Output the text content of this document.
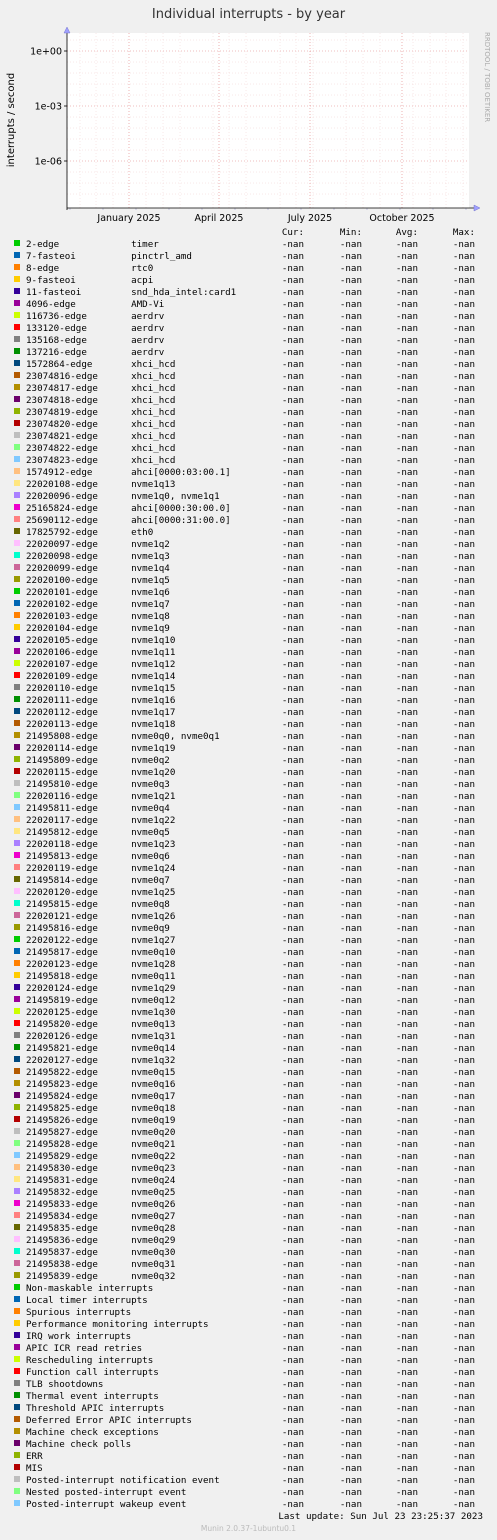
Individual interrupts - by year
RRDTOOL / TOBI OETIKER
interrupts / second
1e+00
1e-03
1e-06
January 2025	April 2025	July 2025	October 2025
Cur:	Min:	Avg:	Max:
2-edge             timer	-nan	-nan	-nan	-nan
7-fasteoi          pinctrl_amd	-nan	-nan	-nan	-nan
8-edge             rtc0	-nan	-nan	-nan	-nan
9-fasteoi          acpi	-nan	-nan	-nan	-nan
11-fasteoi         snd_hda_intel:card1	-nan	-nan	-nan	-nan
4096-edge          AMD-Vi	-nan	-nan	-nan	-nan
116736-edge        aerdrv	-nan	-nan	-nan	-nan
133120-edge        aerdrv	-nan	-nan	-nan	-nan
135168-edge        aerdrv	-nan	-nan	-nan	-nan
137216-edge        aerdrv	-nan	-nan	-nan	-nan
1572864-edge       xhci_hcd	-nan	-nan	-nan	-nan
23074816-edge      xhci_hcd	-nan	-nan	-nan	-nan
23074817-edge      xhci_hcd	-nan	-nan	-nan	-nan
23074818-edge      xhci_hcd	-nan	-nan	-nan	-nan
23074819-edge      xhci_hcd	-nan	-nan	-nan	-nan
23074820-edge      xhci_hcd	-nan	-nan	-nan	-nan
23074821-edge      xhci_hcd	-nan	-nan	-nan	-nan
23074822-edge      xhci_hcd	-nan	-nan	-nan	-nan
23074823-edge      xhci_hcd	-nan	-nan	-nan	-nan
1574912-edge       ahci[0000:03:00.1]	-nan	-nan	-nan	-nan
22020108-edge      nvme1q13	-nan	-nan	-nan	-nan
22020096-edge      nvme1q0, nvme1q1	-nan	-nan	-nan	-nan
25165824-edge      ahci[0000:30:00.0]	-nan	-nan	-nan	-nan
25690112-edge      ahci[0000:31:00.0]	-nan	-nan	-nan	-nan
17825792-edge      eth0	-nan	-nan	-nan	-nan
22020097-edge      nvme1q2	-nan	-nan	-nan	-nan
22020098-edge      nvme1q3	-nan	-nan	-nan	-nan
22020099-edge      nvme1q4	-nan	-nan	-nan	-nan
22020100-edge      nvme1q5	-nan	-nan	-nan	-nan
22020101-edge      nvme1q6	-nan	-nan	-nan	-nan
22020102-edge      nvme1q7	-nan	-nan	-nan	-nan
22020103-edge      nvme1q8	-nan	-nan	-nan	-nan
22020104-edge      nvme1q9	-nan	-nan	-nan	-nan
22020105-edge      nvme1q10	-nan	-nan	-nan	-nan
22020106-edge      nvme1q11	-nan	-nan	-nan	-nan
22020107-edge      nvme1q12	-nan	-nan	-nan	-nan
22020109-edge      nvme1q14	-nan	-nan	-nan	-nan
22020110-edge      nvme1q15	-nan	-nan	-nan	-nan
22020111-edge      nvme1q16	-nan	-nan	-nan	-nan
22020112-edge      nvme1q17	-nan	-nan	-nan	-nan
22020113-edge      nvme1q18	-nan	-nan	-nan	-nan
21495808-edge      nvme0q0, nvme0q1	-nan	-nan	-nan	-nan
22020114-edge      nvme1q19	-nan	-nan	-nan	-nan
21495809-edge      nvme0q2	-nan	-nan	-nan	-nan
22020115-edge      nvme1q20	-nan	-nan	-nan	-nan
21495810-edge      nvme0q3	-nan	-nan	-nan	-nan
22020116-edge      nvme1q21	-nan	-nan	-nan	-nan
21495811-edge      nvme0q4	-nan	-nan	-nan	-nan
22020117-edge      nvme1q22	-nan	-nan	-nan	-nan
21495812-edge      nvme0q5	-nan	-nan	-nan	-nan
22020118-edge      nvme1q23	-nan	-nan	-nan	-nan
21495813-edge      nvme0q6	-nan	-nan	-nan	-nan
22020119-edge      nvme1q24	-nan	-nan	-nan	-nan
21495814-edge      nvme0q7	-nan	-nan	-nan	-nan
22020120-edge      nvme1q25	-nan	-nan	-nan	-nan
21495815-edge      nvme0q8	-nan	-nan	-nan	-nan
22020121-edge      nvme1q26	-nan	-nan	-nan	-nan
21495816-edge      nvme0q9	-nan	-nan	-nan	-nan
22020122-edge      nvme1q27	-nan	-nan	-nan	-nan
21495817-edge      nvme0q10	-nan	-nan	-nan	-nan
22020123-edge      nvme1q28	-nan	-nan	-nan	-nan
21495818-edge      nvme0q11	-nan	-nan	-nan	-nan
22020124-edge      nvme1q29	-nan	-nan	-nan	-nan
21495819-edge      nvme0q12	-nan	-nan	-nan	-nan
22020125-edge      nvme1q30	-nan	-nan	-nan	-nan
21495820-edge      nvme0q13	-nan	-nan	-nan	-nan
22020126-edge      nvme1q31	-nan	-nan	-nan	-nan
21495821-edge      nvme0q14	-nan	-nan	-nan	-nan
22020127-edge      nvme1q32	-nan	-nan	-nan	-nan
21495822-edge      nvme0q15	-nan	-nan	-nan	-nan
21495823-edge      nvme0q16	-nan	-nan	-nan	-nan
21495824-edge      nvme0q17	-nan	-nan	-nan	-nan
21495825-edge      nvme0q18	-nan	-nan	-nan	-nan
21495826-edge      nvme0q19	-nan	-nan	-nan	-nan
21495827-edge      nvme0q20	-nan	-nan	-nan	-nan
21495828-edge      nvme0q21	-nan	-nan	-nan	-nan
21495829-edge      nvme0q22	-nan	-nan	-nan	-nan
21495830-edge      nvme0q23	-nan	-nan	-nan	-nan
21495831-edge      nvme0q24	-nan	-nan	-nan	-nan
21495832-edge      nvme0q25	-nan	-nan	-nan	-nan
21495833-edge      nvme0q26	-nan	-nan	-nan	-nan
21495834-edge      nvme0q27	-nan	-nan	-nan	-nan
21495835-edge      nvme0q28	-nan	-nan	-nan	-nan
21495836-edge      nvme0q29	-nan	-nan	-nan	-nan
21495837-edge      nvme0q30	-nan	-nan	-nan	-nan
21495838-edge      nvme0q31	-nan	-nan	-nan	-nan
21495839-edge      nvme0q32	-nan	-nan	-nan	-nan
Non-maskable interrupts	-nan	-nan	-nan	-nan
Local timer interrupts	-nan	-nan	-nan	-nan
Spurious interrupts	-nan	-nan	-nan	-nan
Performance monitoring interrupts	-nan	-nan	-nan	-nan
IRQ work interrupts	-nan	-nan	-nan	-nan
APIC ICR read retries	-nan	-nan	-nan	-nan
Rescheduling interrupts	-nan	-nan	-nan	-nan
Function call interrupts	-nan	-nan	-nan	-nan
TLB shootdowns	-nan	-nan	-nan	-nan
Thermal event interrupts	-nan	-nan	-nan	-nan
Threshold APIC interrupts	-nan	-nan	-nan	-nan
Deferred Error APIC interrupts	-nan	-nan	-nan	-nan
Machine check exceptions	-nan	-nan	-nan	-nan
Machine check polls	-nan	-nan	-nan	-nan
ERR	-nan	-nan	-nan	-nan
MIS	-nan	-nan	-nan	-nan
Posted-interrupt notification event	-nan	-nan	-nan	-nan
Nested posted-interrupt event	-nan	-nan	-nan	-nan
Posted-interrupt wakeup event	-nan	-nan	-nan	-nan
Last update: Sun Jul 23 23:25:37 2023
Munin 2.0.37-1ubuntu0.1
